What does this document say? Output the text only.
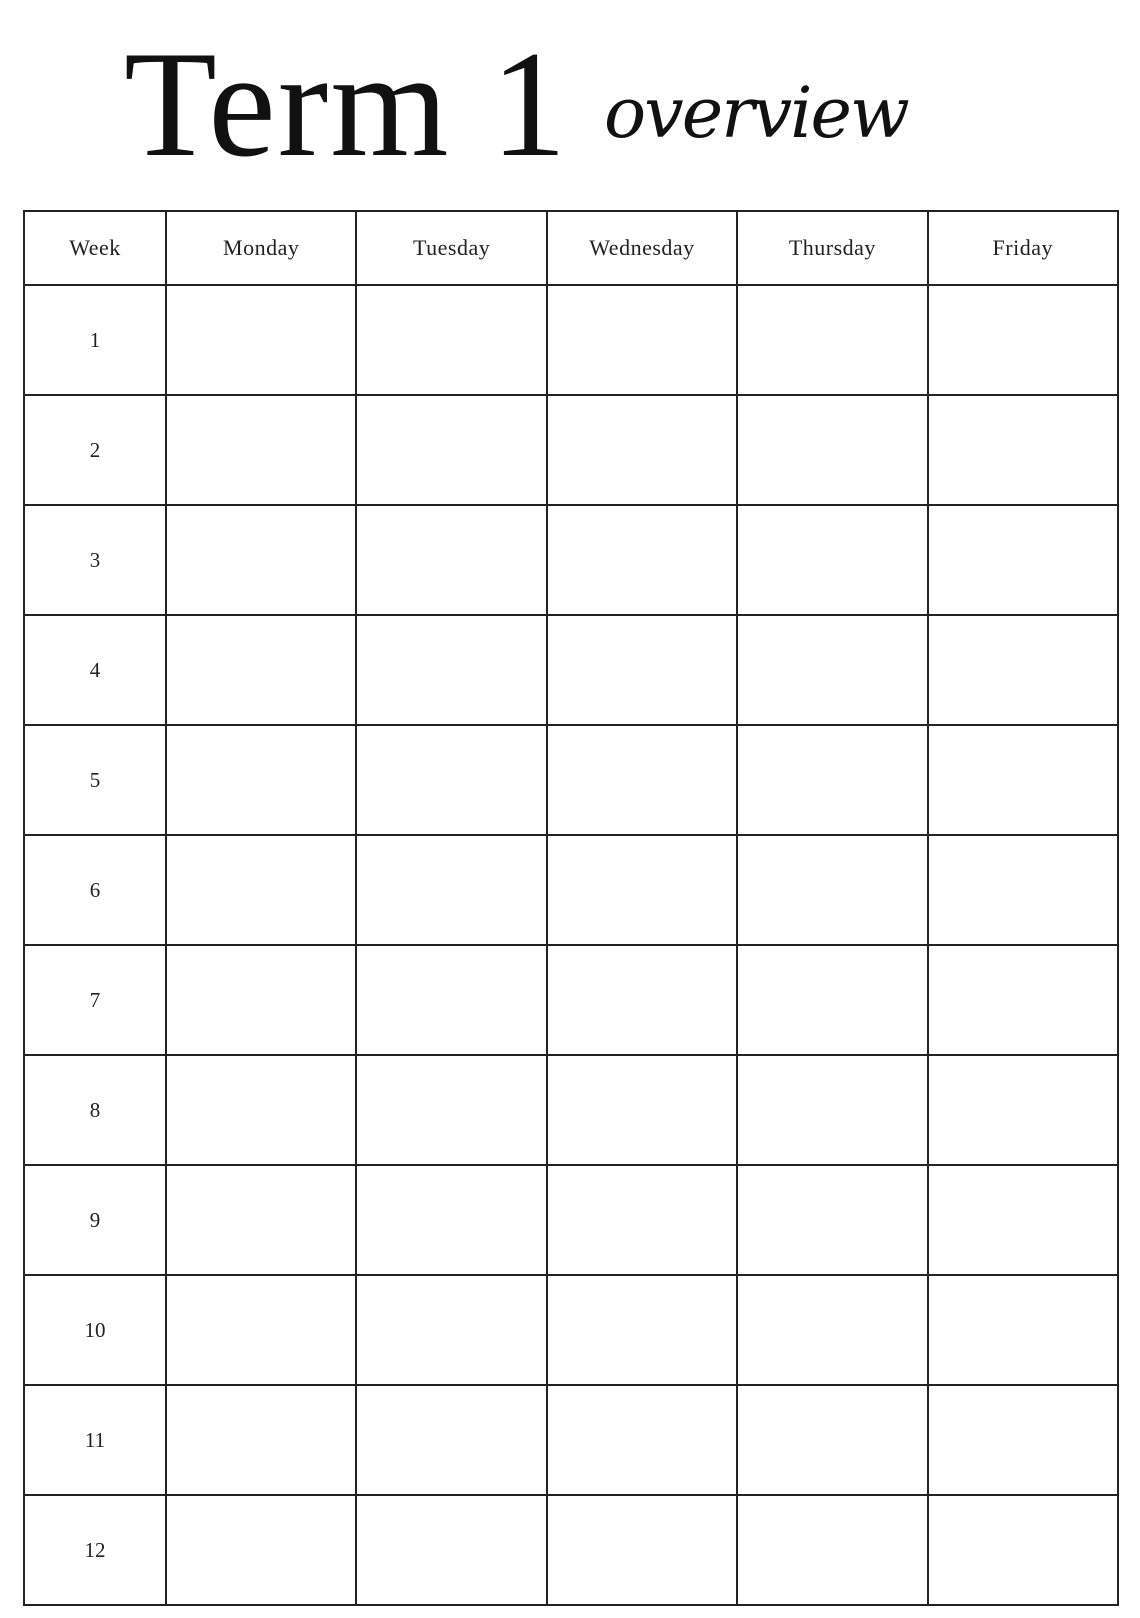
Term 1 overview
Week	Monday	Tuesday	Wednesday	Thursday	Friday
1					
2					
3					
4					
5					
6					
7					
8					
9					
10					
11					
12					
